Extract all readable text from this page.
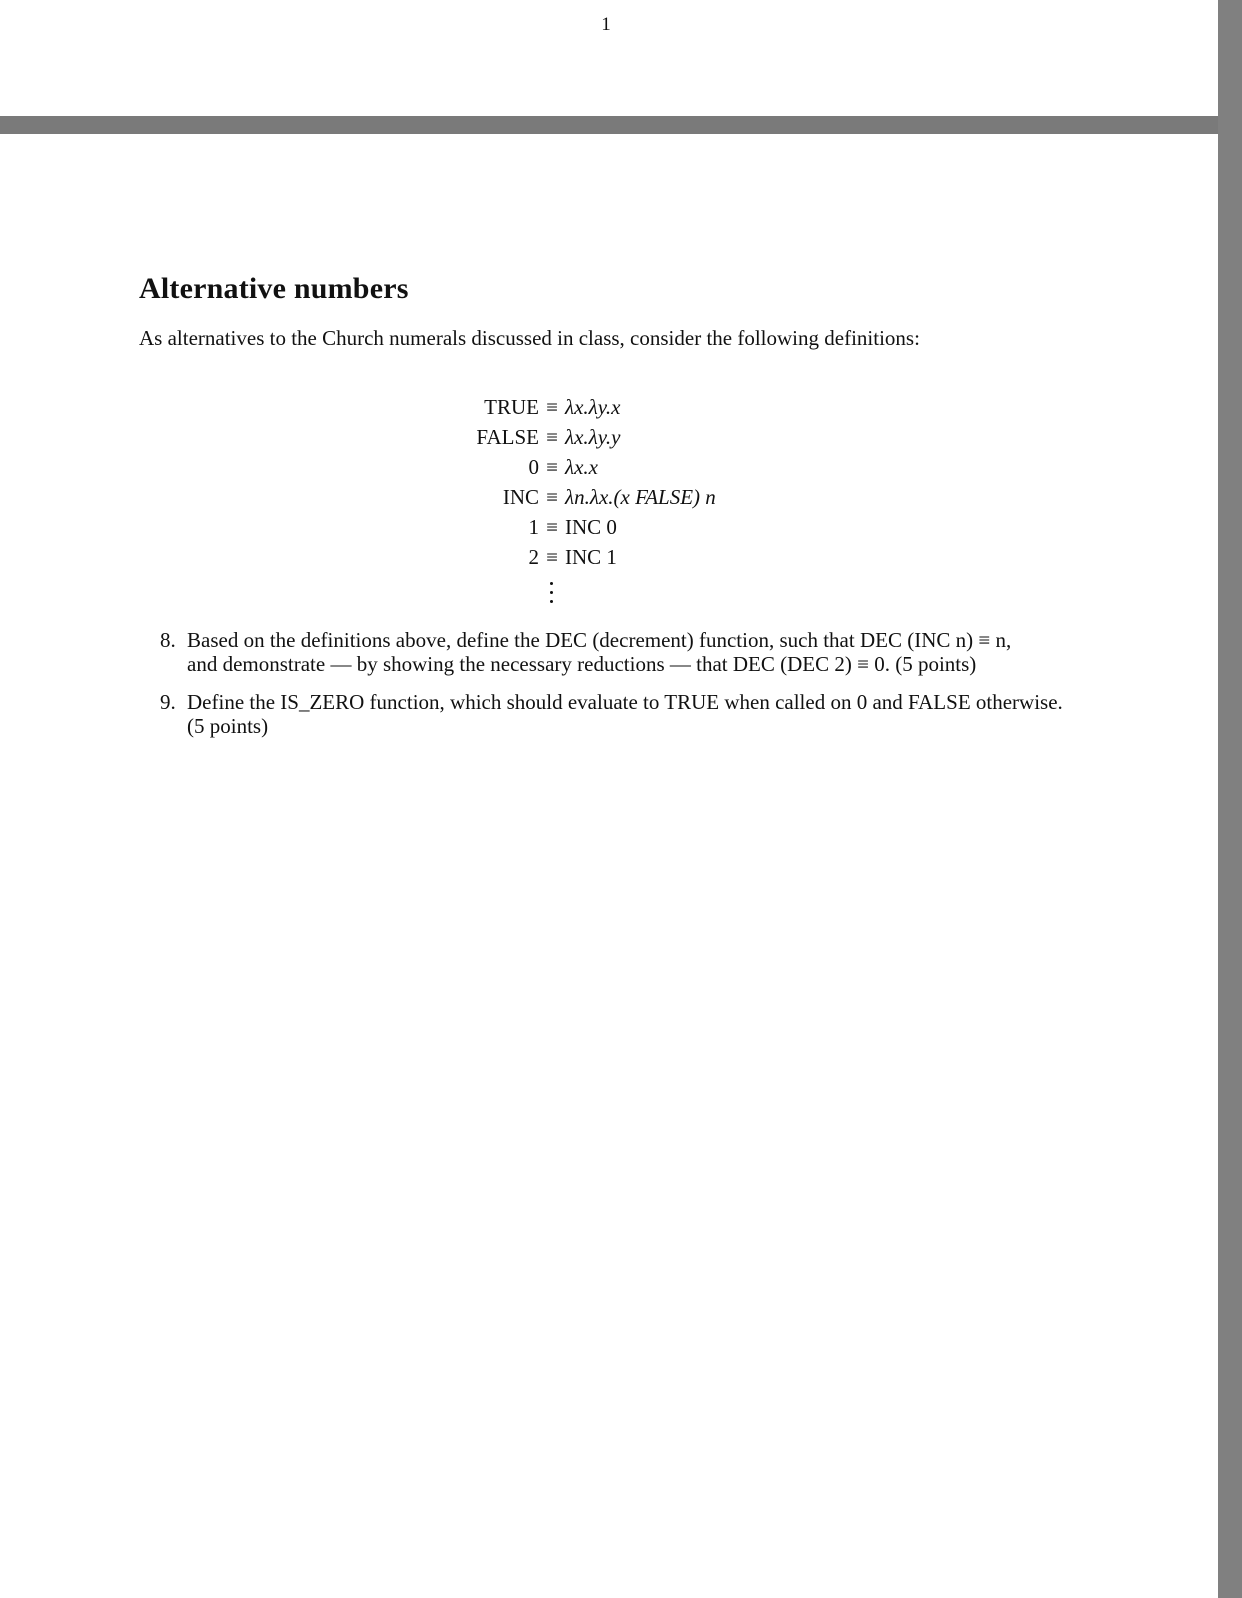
1
Alternative numbers

As alternatives to the Church numerals discussed in class, consider the following definitions:

TRUE ≡ λx.λy.x
FALSE ≡ λx.λy.y
0 ≡ λx.x
INC ≡ λn.λx.(x FALSE) n
1 ≡ INC 0
2 ≡ INC 1
8. Based on the definitions above, define the DEC (decrement) function, such that DEC (INC n) ≡ n,
and demonstrate — by showing the necessary reductions — that DEC (DEC 2) ≡ 0. (5 points)
9. Define the IS_ZERO function, which should evaluate to TRUE when called on 0 and FALSE otherwise.
(5 points)
